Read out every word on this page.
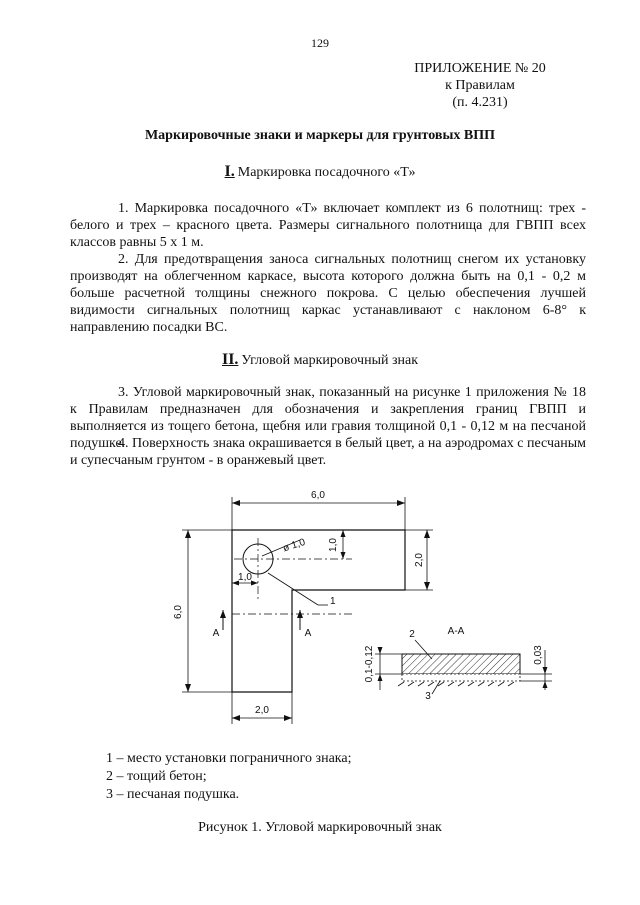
129
ПРИЛОЖЕНИЕ № 20
к Правилам
(п. 4.231)
Маркировочные знаки и маркеры для грунтовых ВПП
I. Маркировка посадочного «Т»

1. Маркировка посадочного «Т» включает комплект из 6 полотнищ: трех - белого и трех – красного цвета. Размеры сигнального полотнища для ГВПП всех классов равны 5 х 1 м.

2. Для предотвращения заноса сигнальных полотнищ снегом их установку производят на облегченном каркасе, высота которого должна быть на 0,1 - 0,2 м больше расчетной толщины снежного покрова. С целью обеспечения лучшей видимости сигнальных полотнищ каркас устанавливают с наклоном 6-8° к направлению посадки ВС.

II. Угловой маркировочный знак

3. Угловой маркировочный знак, показанный на рисунке 1 приложения № 18 к Правилам предназначен для обозначения и закрепления границ ГВПП и выполняется из тощего бетона, щебня или гравия толщиной 0,1 - 0,12 м на песчаной подушке.

4. Поверхность знака окрашивается в белый цвет, а на аэродромах с песчаным и супесчаным грунтом - в оранжевый цвет.

6,0
6,0
2,0
2,0
1,0
ø 1,0 1,0
1
A	A	A-A
2
3
0,1-0,12	0,03
1 – место установки пограничного знака;
2 – тощий бетон;
3 – песчаная подушка.
Рисунок 1. Угловой маркировочный знак
